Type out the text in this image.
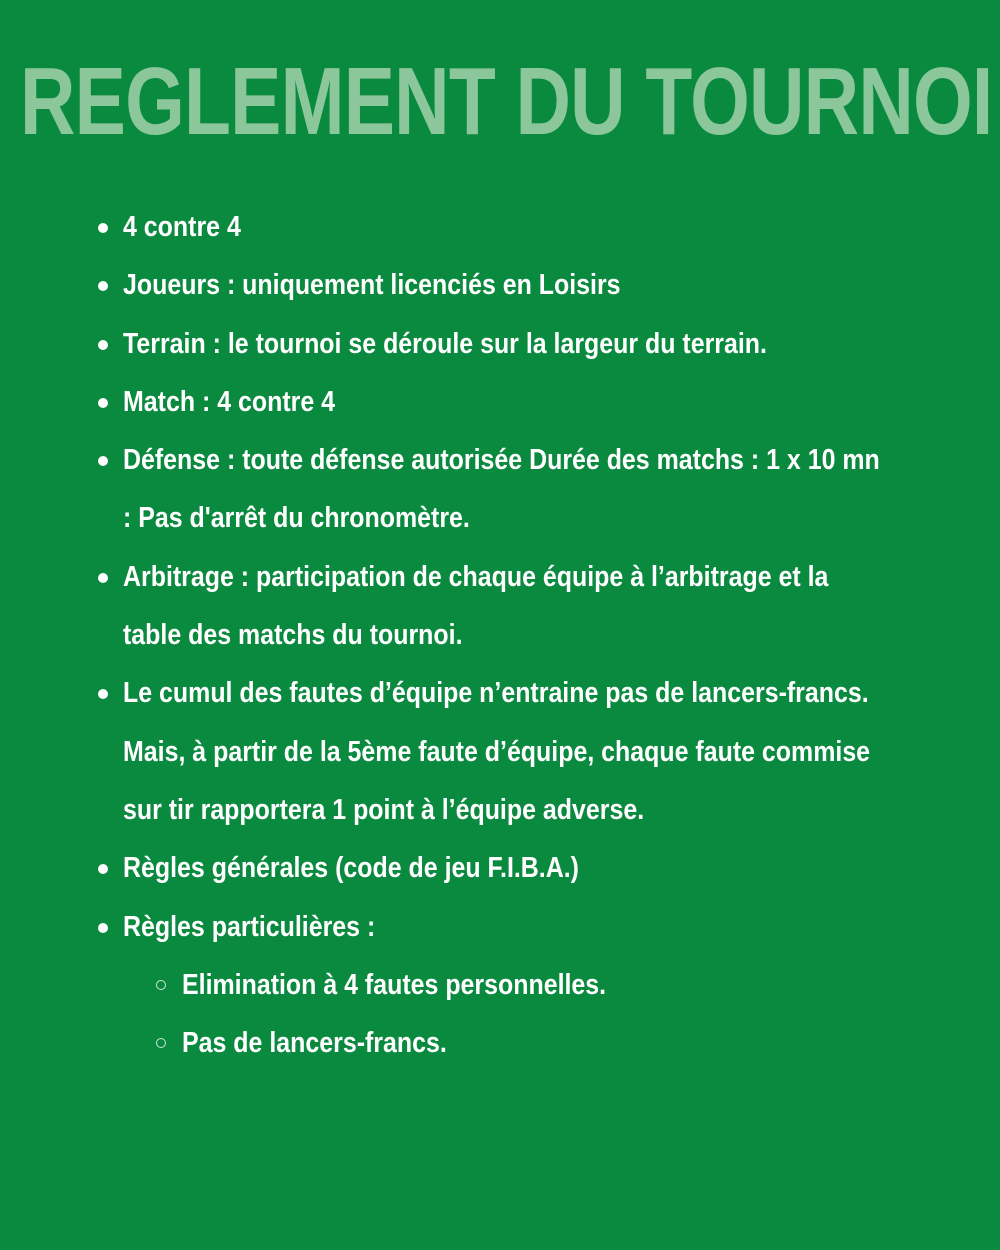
REGLEMENT DU TOURNOI
4 contre 4
Joueurs : uniquement licenciés en Loisirs
Terrain : le tournoi se déroule sur la largeur du terrain.
Match : 4 contre 4
Défense : toute défense autorisée Durée des matchs : 1 x 10 mn
: Pas d'arrêt du chronomètre.
Arbitrage : participation de chaque équipe à l’arbitrage et la
table des matchs du tournoi.
Le cumul des fautes d’équipe n’entraine pas de lancers-francs.
Mais, à partir de la 5ème faute d’équipe, chaque faute commise
sur tir rapportera 1 point à l’équipe adverse.
Règles générales (code de jeu F.I.B.A.)
Règles particulières :
Elimination à 4 fautes personnelles.
Pas de lancers-francs.
